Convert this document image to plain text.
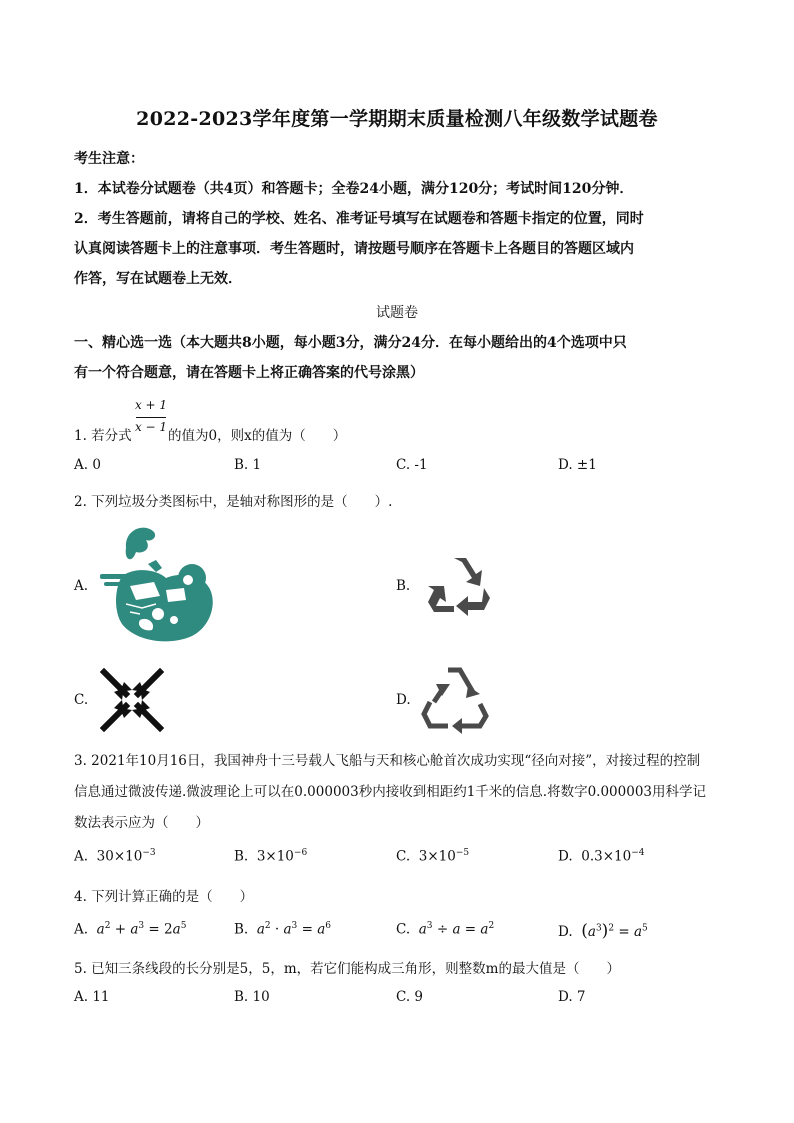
2022-2023学年度第一学期期末质量检测八年级数学试题卷
考生注意：
1．本试卷分试题卷（共4页）和答题卡；全卷24小题，满分120分；考试时间120分钟．
2．考生答题前，请将自己的学校、姓名、准考证号填写在试题卷和答题卡指定的位置，同时
认真阅读答题卡上的注意事项．考生答题时，请按题号顺序在答题卡上各题目的答题区域内
作答，写在试题卷上无效．
试题卷
一、精心选一选（本大题共8小题，每小题3分，满分24分．在每小题给出的4个选项中只
有一个符合题意，请在答题卡上将正确答案的代号涂黑）
x + 1
1. 若分式
x − 1
的值为0，则x的值为（　　）
A. 0	B. 1	C. -1	D. ±1
2. 下列垃圾分类图标中，是轴对称图形的是（　　）.
A.	B.
C.	D.
3. 2021年10月16日，我国神舟十三号载人飞船与天和核心舱首次成功实现“径向对接”，对接过程的控制
信息通过微波传递.微波理论上可以在0.000003秒内接收到相距约1千米的信息.将数字0.000003用科学记
数法表示应为（　　）
A. $30\times 10^{-3}$	B. $3\times 10^{-6}$	C. $3\times 10^{-5}$	D. $0.3\times 10^{-4}$
4. 下列计算正确的是（　　）
A. $a^2 + a^3 = 2a^5$	B. $a^2 \cdot a^3 = a^6$	C. $a^3 \div a = a^2$	D. $(a^3)^2 = a^5$
5. 已知三条线段的长分别是5，5，m，若它们能构成三角形，则整数m的最大值是（　　）
A. 11	B. 10	C. 9	D. 7
